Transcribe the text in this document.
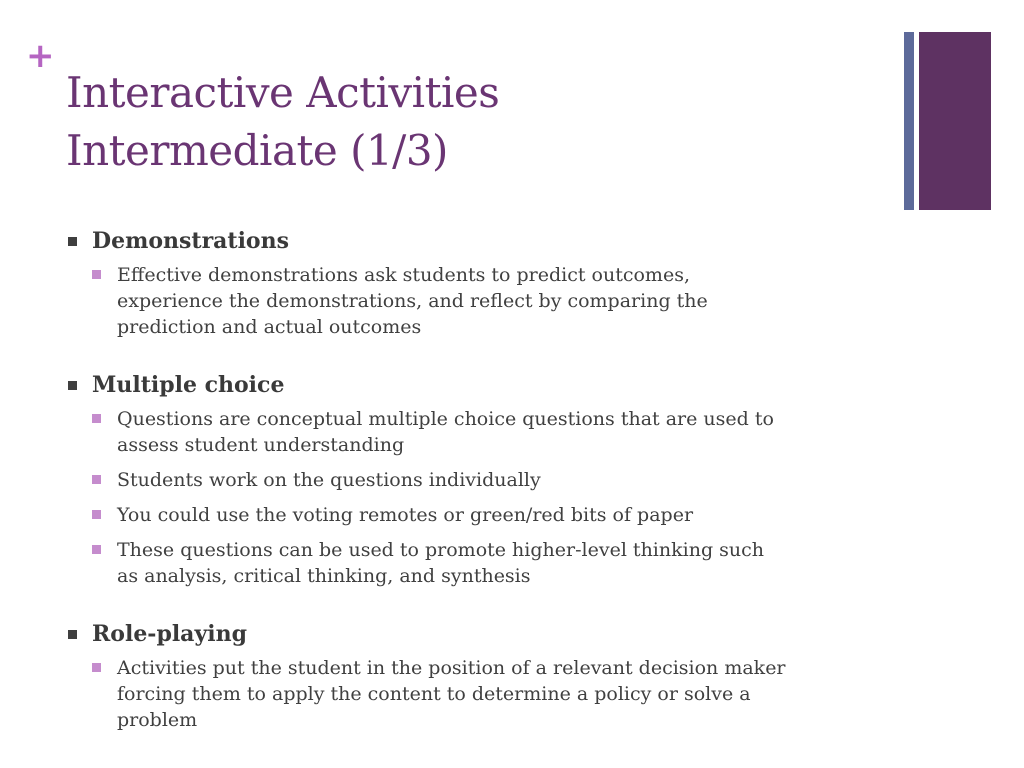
+
Interactive Activities
Intermediate (1/3)
Demonstrations
Effective demonstrations ask students to predict outcomes,
experience the demonstrations, and reflect by comparing the
prediction and actual outcomes
Multiple choice
Questions are conceptual multiple choice questions that are used to
assess student understanding
Students work on the questions individually
You could use the voting remotes or green/red bits of paper
These questions can be used to promote higher-level thinking such
as analysis, critical thinking, and synthesis
Role-playing
Activities put the student in the position of a relevant decision maker
forcing them to apply the content to determine a policy or solve a
problem
